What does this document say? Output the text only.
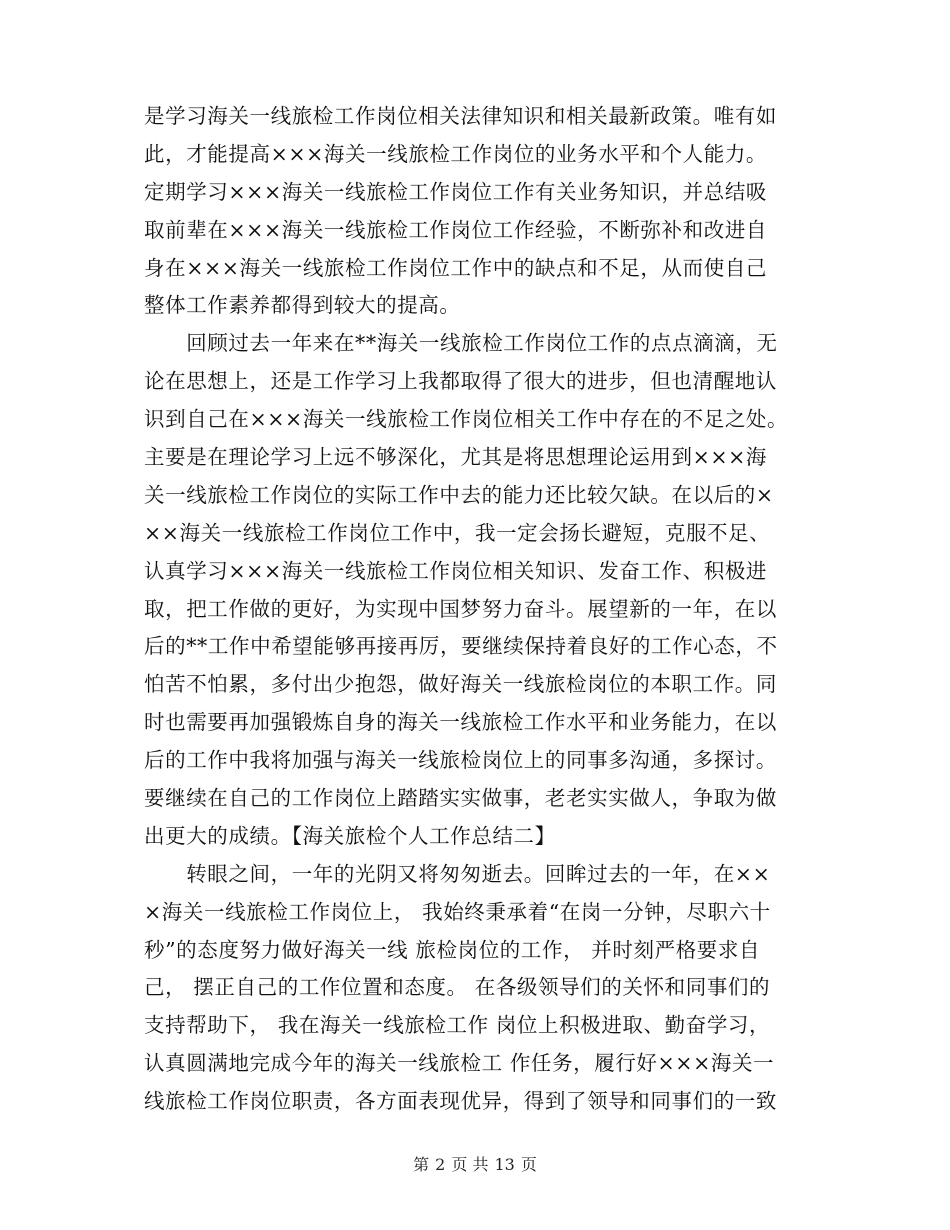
是学习海关一线旅检工作岗位相关法律知识和相关最新政策。唯有如
此，才能提高×××海关一线旅检工作岗位的业务水平和个人能力。
定期学习×××海关一线旅检工作岗位工作有关业务知识，并总结吸
取前辈在×××海关一线旅检工作岗位工作经验，不断弥补和改进自
身在×××海关一线旅检工作岗位工作中的缺点和不足，从而使自己
整体工作素养都得到较大的提高。
　　回顾过去一年来在**海关一线旅检工作岗位工作的点点滴滴，无
论在思想上，还是工作学习上我都取得了很大的进步，但也清醒地认
识到自己在×××海关一线旅检工作岗位相关工作中存在的不足之处。
主要是在理论学习上远不够深化，尤其是将思想理论运用到×××海
关一线旅检工作岗位的实际工作中去的能力还比较欠缺。在以后的×
××海关一线旅检工作岗位工作中，我一定会扬长避短，克服不足、
认真学习×××海关一线旅检工作岗位相关知识、发奋工作、积极进
取，把工作做的更好，为实现中国梦努力奋斗。展望新的一年，在以
后的**工作中希望能够再接再厉，要继续保持着良好的工作心态，不
怕苦不怕累，多付出少抱怨，做好海关一线旅检岗位的本职工作。同
时也需要再加强锻炼自身的海关一线旅检工作水平和业务能力，在以
后的工作中我将加强与海关一线旅检岗位上的同事多沟通，多探讨。
要继续在自己的工作岗位上踏踏实实做事，老老实实做人，争取为做
出更大的成绩。【海关旅检个人工作总结二】
　　转眼之间，一年的光阴又将匆匆逝去。回眸过去的一年，在××
×海关一线旅检工作岗位上， 我始终秉承着“在岗一分钟，尽职六十
秒”的态度努力做好海关一线 旅检岗位的工作， 并时刻严格要求自
己， 摆正自己的工作位置和态度。 在各级领导们的关怀和同事们的
支持帮助下， 我在海关一线旅检工作 岗位上积极进取、勤奋学习，
认真圆满地完成今年的海关一线旅检工 作任务，履行好×××海关一
线旅检工作岗位职责，各方面表现优异，得到了领导和同事们的一致
第 2 页 共 13 页
